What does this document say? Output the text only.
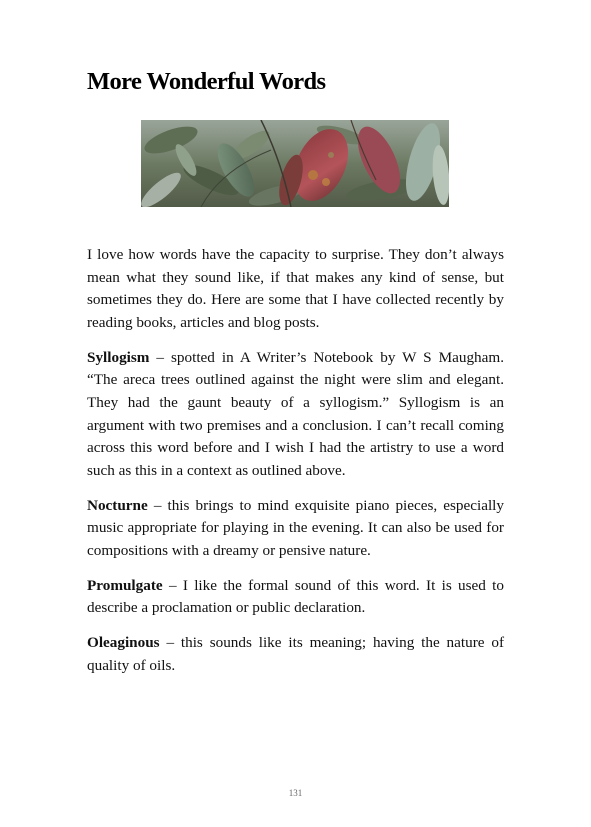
More Wonderful Words

I love how words have the capacity to surprise. They don’t always mean what they sound like, if that makes any kind of sense, but sometimes they do. Here are some that I have collected recently by reading books, articles and blog posts.

Syllogism – spotted in A Writer’s Notebook by W S Maugham. “The areca trees outlined against the night were slim and elegant. They had the gaunt beauty of a syllogism.” Syllogism is an argument with two premises and a conclusion. I can’t recall coming across this word before and I wish I had the artistry to use a word such as this in a context as outlined above.

Nocturne – this brings to mind exquisite piano pieces, especially music appropriate for playing in the evening. It can also be used for compositions with a dreamy or pensive nature.

Promulgate – I like the formal sound of this word. It is used to describe a proclamation or public declaration.

Oleaginous – this sounds like its meaning; having the nature of quality of oils.

131
